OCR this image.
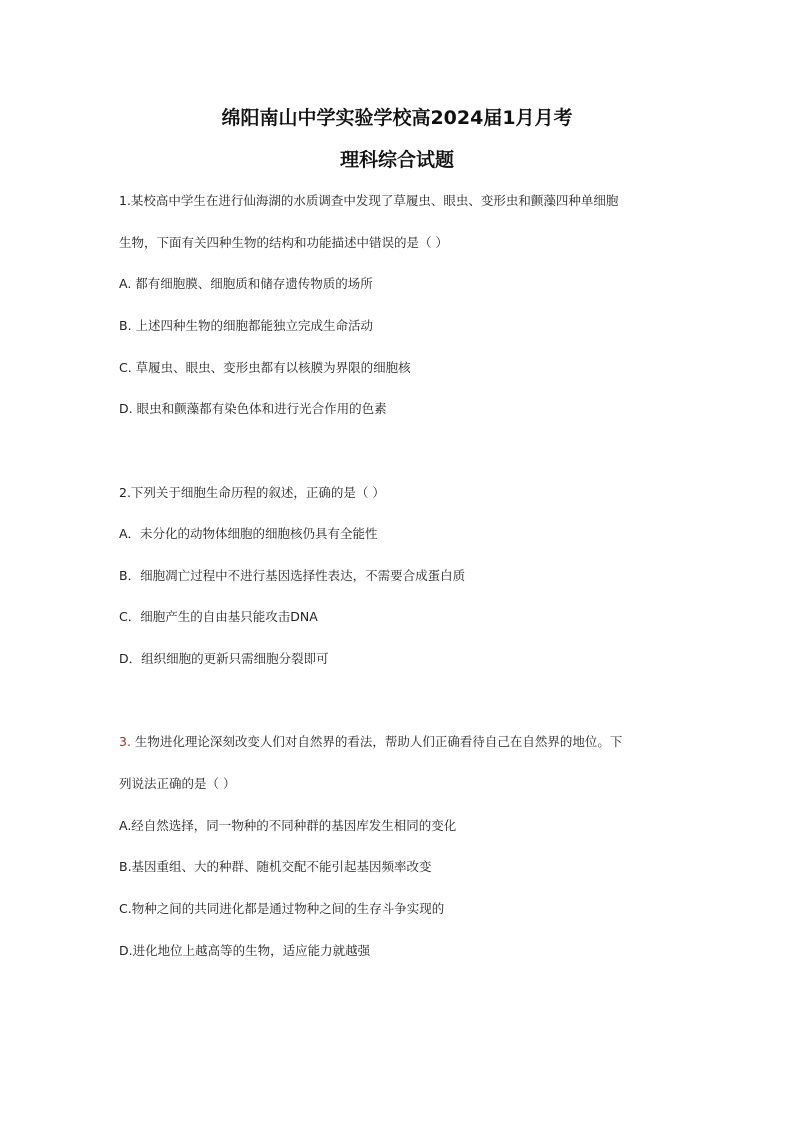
绵阳南山中学实验学校高2024届1月月考
理科综合试题
1.某校高中学生在进行仙海湖的水质调查中发现了草履虫、眼虫、变形虫和颤藻四种单细胞
生物，下面有关四种生物的结构和功能描述中错误的是（ ）
A. 都有细胞膜、细胞质和储存遗传物质的场所
B. 上述四种生物的细胞都能独立完成生命活动
C. 草履虫、眼虫、变形虫都有以核膜为界限的细胞核
D. 眼虫和颤藻都有染色体和进行光合作用的色素
2.下列关于细胞生命历程的叙述，正确的是（ ）
A．未分化的动物体细胞的细胞核仍具有全能性
B．细胞凋亡过程中不进行基因选择性表达，不需要合成蛋白质
C．细胞产生的自由基只能攻击DNA
D．组织细胞的更新只需细胞分裂即可
3. 生物进化理论深刻改变人们对自然界的看法，帮助人们正确看待自己在自然界的地位。下
列说法正确的是（ ）
A.经自然选择，同一物种的不同种群的基因库发生相同的变化
B.基因重组、大的种群、随机交配不能引起基因频率改变
C.物种之间的共同进化都是通过物种之间的生存斗争实现的
D.进化地位上越高等的生物，适应能力就越强
